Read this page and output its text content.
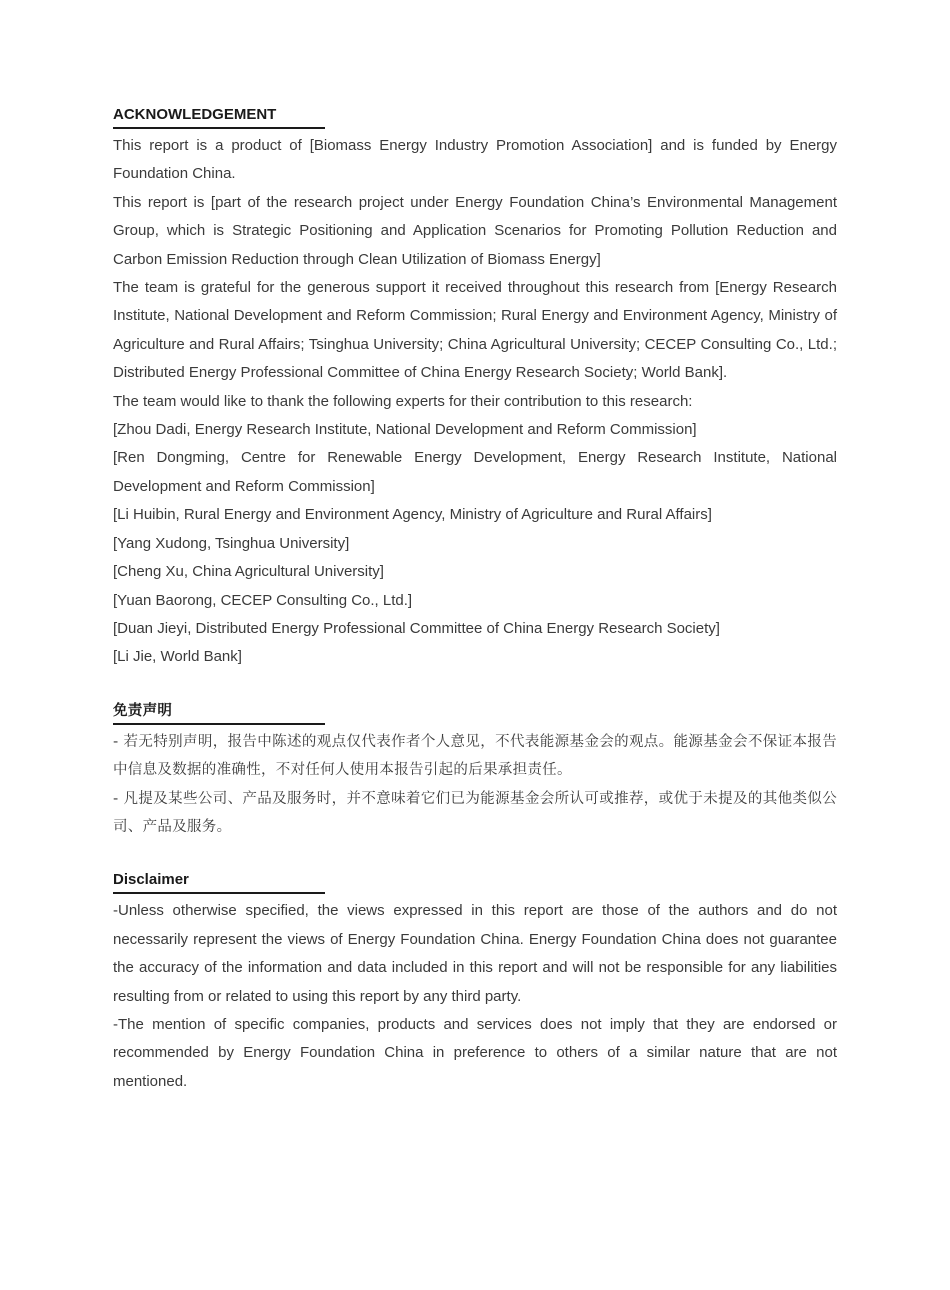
ACKNOWLEDGEMENT

This report is a product of [Biomass Energy Industry Promotion Association] and is funded by Energy Foundation China.

This report is [part of the research project under Energy Foundation China’s Environmental Management Group, which is Strategic Positioning and Application Scenarios for Promoting Pollution Reduction and Carbon Emission Reduction through Clean Utilization of Biomass Energy]

The team is grateful for the generous support it received throughout this research from [Energy Research Institute, National Development and Reform Commission; Rural Energy and Environment Agency, Ministry of Agriculture and Rural Affairs; Tsinghua University; China Agricultural University; CECEP Consulting Co., Ltd.; Distributed Energy Professional Committee of China Energy Research Society; World Bank].

The team would like to thank the following experts for their contribution to this research:

[Zhou Dadi, Energy Research Institute, National Development and Reform Commission]

[Ren Dongming, Centre for Renewable Energy Development, Energy Research Institute, National Development and Reform Commission]

[Li Huibin, Rural Energy and Environment Agency, Ministry of Agriculture and Rural Affairs]

[Yang Xudong, Tsinghua University]

[Cheng Xu, China Agricultural University]

[Yuan Baorong, CECEP Consulting Co., Ltd.]

[Duan Jieyi, Distributed Energy Professional Committee of China Energy Research Society]

[Li Jie, World Bank]

免责声明

- 若无特别声明，报告中陈述的观点仅代表作者个人意见，不代表能源基金会的观点。能源基金会不保证本报告中信息及数据的准确性，不对任何人使用本报告引起的后果承担责任。

- 凡提及某些公司、产品及服务时，并不意味着它们已为能源基金会所认可或推荐，或优于未提及的其他类似公司、产品及服务。

Disclaimer

-Unless otherwise specified, the views expressed in this report are those of the authors and do not necessarily represent the views of Energy Foundation China. Energy Foundation China does not guarantee the accuracy of the information and data included in this report and will not be responsible for any liabilities resulting from or related to using this report by any third party.

-The mention of specific companies, products and services does not imply that they are endorsed or recommended by Energy Foundation China in preference to others of a similar nature that are not mentioned.
